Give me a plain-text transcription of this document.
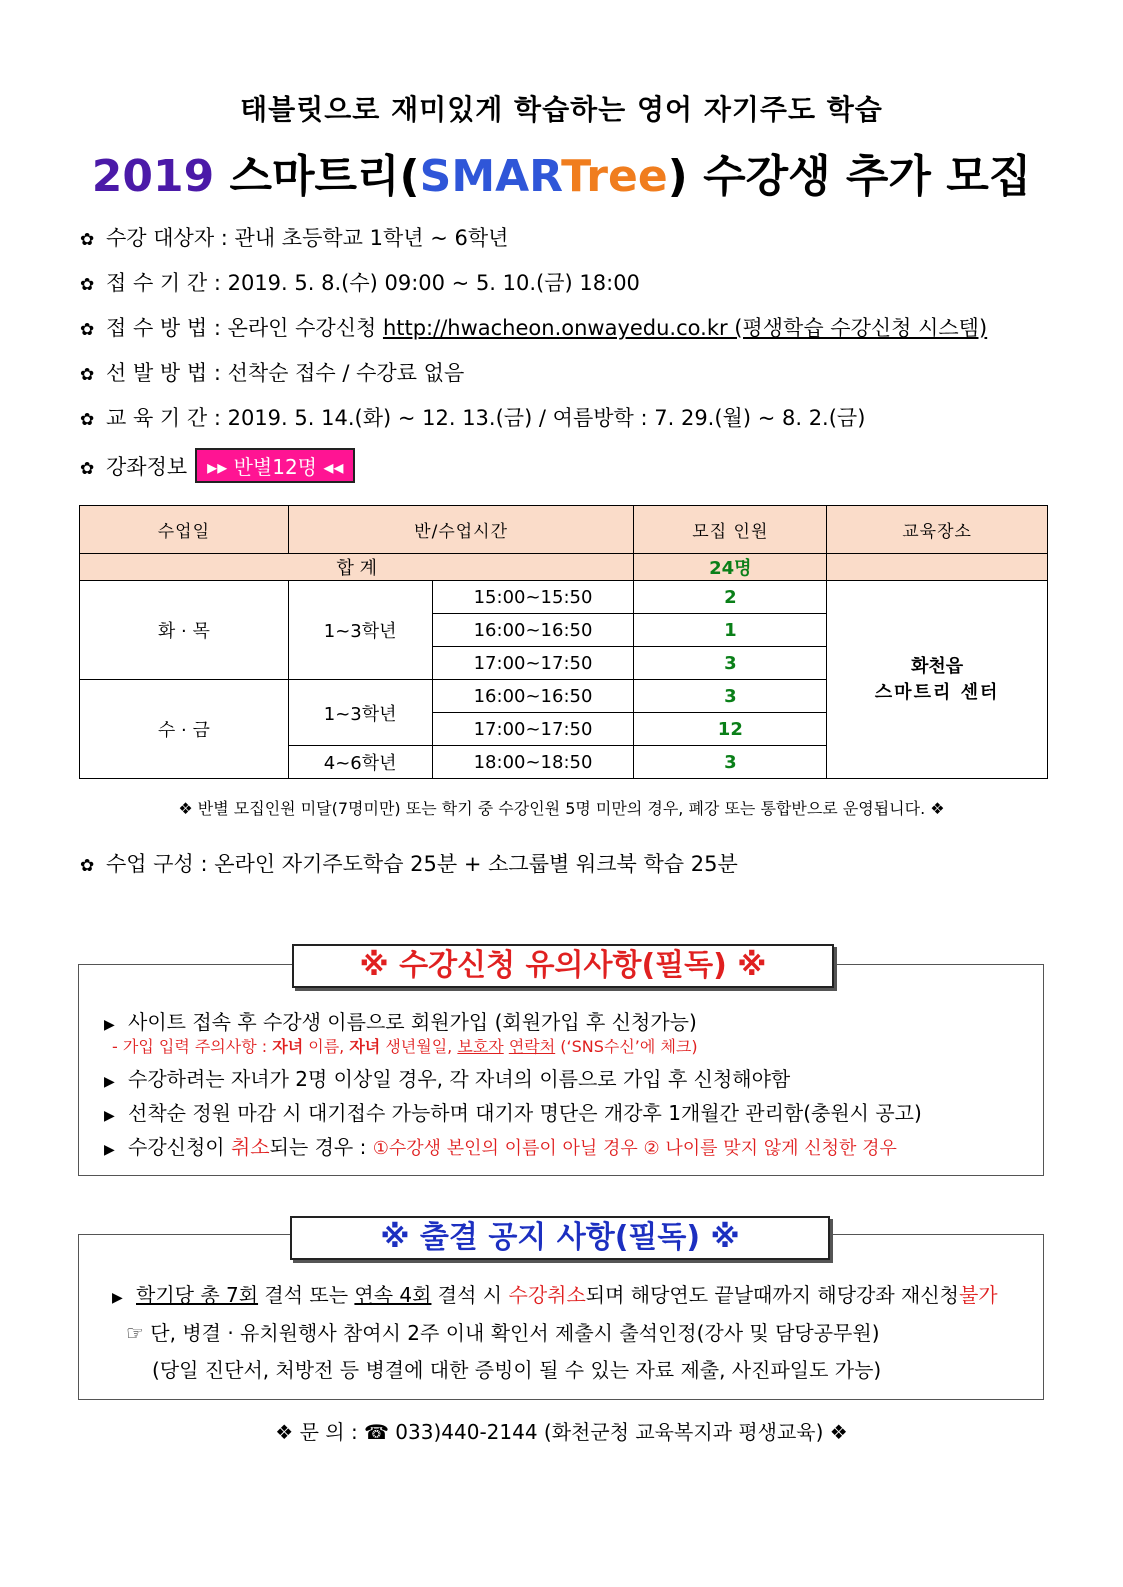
태블릿으로 재미있게 학습하는 영어 자기주도 학습
2019 스마트리(SMARTree) 수강생 추가 모집
✿ 수강 대상자 : 관내 초등학교 1학년 ~ 6학년
✿ 접 수 기 간 : 2019. 5. 8.(수) 09:00 ~ 5. 10.(금) 18:00
✿ 접 수 방 법 : 온라인 수강신청 http://hwacheon.onwayedu.co.kr (평생학습 수강신청 시스템)
✿ 선 발 방 법 : 선착순 접수 / 수강료 없음
✿ 교 육 기 간 : 2019. 5. 14.(화) ~ 12. 13.(금) / 여름방학 : 7. 29.(월) ~ 8. 2.(금)
✿ 강좌정보 ▸▸ 반별12명 ◂◂
수업일	반/수업시간		모집 인원	교육장소
합 계			24명	
화 · 목	1~3학년	15:00~15:50	2	화천읍
스마트리 센터

		16:00~16:50	1	
		17:00~17:50	3	
수 · 금	1~3학년	16:00~16:50	3	
		17:00~17:50	12	
	4~6학년	18:00~18:50	3	
❖ 반별 모집인원 미달(7명미만) 또는 학기 중 수강인원 5명 미만의 경우, 폐강 또는 통합반으로 운영됩니다. ❖
✿ 수업 구성 : 온라인 자기주도학습 25분 + 소그룹별 워크북 학습 25분
※ 수강신청 유의사항(필독) ※
▶ 사이트 접속 후 수강생 이름으로 회원가입 (회원가입 후 신청가능)
- 가입 입력 주의사항 : 자녀 이름, 자녀 생년월일, 보호자 연락처 (‘SNS수신’에 체크)
▶ 수강하려는 자녀가 2명 이상일 경우, 각 자녀의 이름으로 가입 후 신청해야함
▶ 선착순 정원 마감 시 대기접수 가능하며 대기자 명단은 개강후 1개월간 관리함(충원시 공고)
▶ 수강신청이 취소되는 경우 : ①수강생 본인의 이름이 아닐 경우 ② 나이를 맞지 않게 신청한 경우
※ 출결 공지 사항(필독) ※
▶ 학기당 총 7회 결석 또는 연속 4회 결석 시 수강취소되며 해당연도 끝날때까지 해당강좌 재신청불가
☞ 단, 병결 · 유치원행사 참여시 2주 이내 확인서 제출시 출석인정(강사 및 담당공무원)
(당일 진단서, 처방전 등 병결에 대한 증빙이 될 수 있는 자료 제출, 사진파일도 가능)
❖ 문 의 : ☎ 033)440-2144 (화천군청 교육복지과 평생교육) ❖
